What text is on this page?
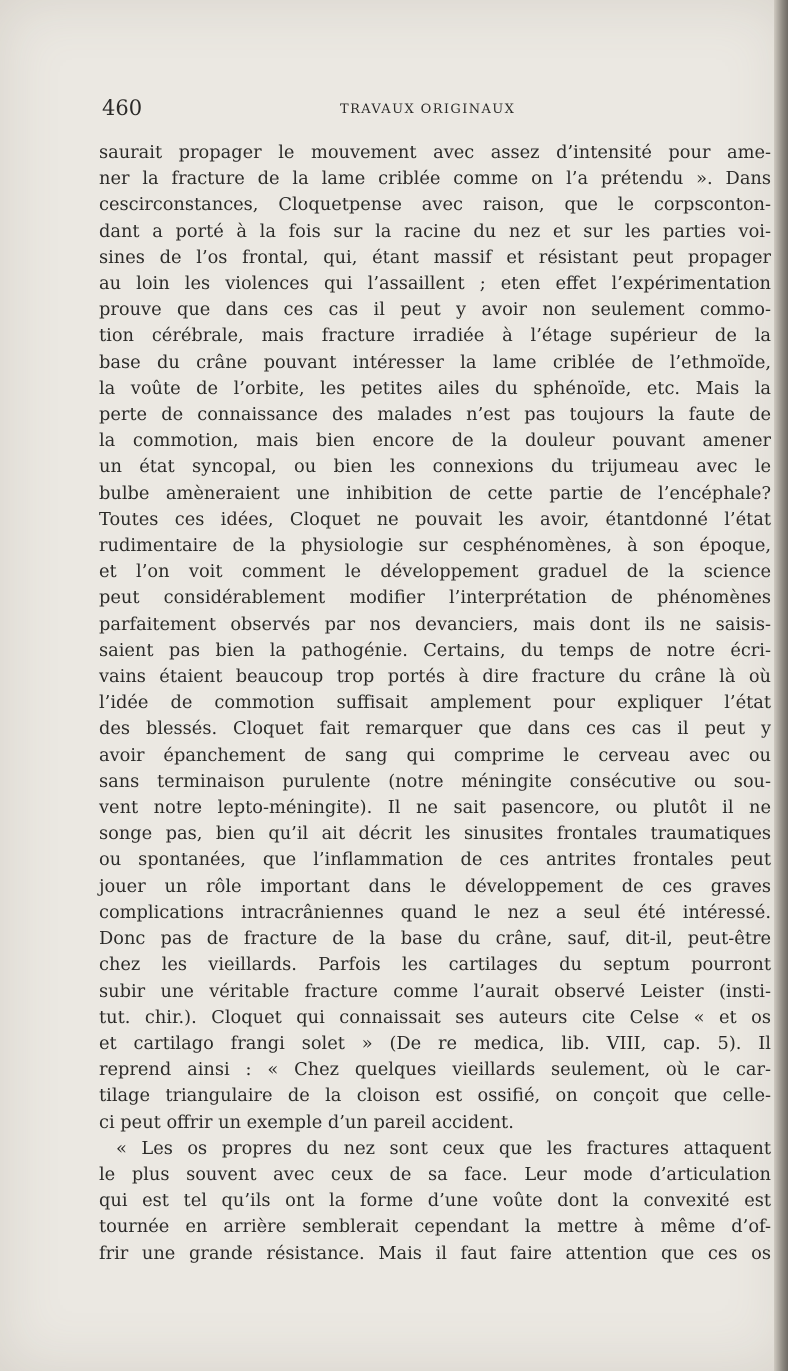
460	TRAVAUX ORIGINAUX
saurait propager le mouvement avec assez d’intensité pour ame-
ner la fracture de la lame criblée comme on l’a prétendu ». Dans
cescirconstances, Cloquetpense avec raison, que le corpsconton-
dant a porté à la fois sur la racine du nez et sur les parties voi-
sines de l’os frontal, qui, étant massif et résistant peut propager
au loin les violences qui l’assaillent ; eten effet l’expérimentation
prouve que dans ces cas il peut y avoir non seulement commo-
tion cérébrale, mais fracture irradiée à l’étage supérieur de la
base du crâne pouvant intéresser la lame criblée de l’ethmoïde,
la voûte de l’orbite, les petites ailes du sphénoïde, etc. Mais la
perte de connaissance des malades n’est pas toujours la faute de
la commotion, mais bien encore de la douleur pouvant amener
un état syncopal, ou bien les connexions du trijumeau avec le
bulbe amèneraient une inhibition de cette partie de l’encéphale?
Toutes ces idées, Cloquet ne pouvait les avoir, étantdonné l’état
rudimentaire de la physiologie sur cesphénomènes, à son époque,
et l’on voit comment le développement graduel de la science
peut considérablement modifier l’interprétation de phénomènes
parfaitement observés par nos devanciers, mais dont ils ne saisis-
saient pas bien la pathogénie. Certains, du temps de notre écri-
vains étaient beaucoup trop portés à dire fracture du crâne là où
l’idée de commotion suffisait amplement pour expliquer l’état
des blessés. Cloquet fait remarquer que dans ces cas il peut y
avoir épanchement de sang qui comprime le cerveau avec ou
sans terminaison purulente (notre méningite consécutive ou sou-
vent notre lepto-méningite). Il ne sait pasencore, ou plutôt il ne
songe pas, bien qu’il ait décrit les sinusites frontales traumatiques
ou spontanées, que l’inflammation de ces antrites frontales peut
jouer un rôle important dans le développement de ces graves
complications intracrâniennes quand le nez a seul été intéressé.
Donc pas de fracture de la base du crâne, sauf, dit-il, peut-être
chez les vieillards. Parfois les cartilages du septum pourront
subir une véritable fracture comme l’aurait observé Leister (insti-
tut. chir.). Cloquet qui connaissait ses auteurs cite Celse « et os
et cartilago frangi solet » (De re medica, lib. VIII, cap. 5). Il
reprend ainsi : « Chez quelques vieillards seulement, où le car-
tilage triangulaire de la cloison est ossifié, on conçoit que celle-
ci peut offrir un exemple d’un pareil accident.
« Les os propres du nez sont ceux que les fractures attaquent
le plus souvent avec ceux de sa face. Leur mode d’articulation
qui est tel qu’ils ont la forme d’une voûte dont la convexité est
tournée en arrière semblerait cependant la mettre à même d’of-
frir une grande résistance. Mais il faut faire attention que ces os
